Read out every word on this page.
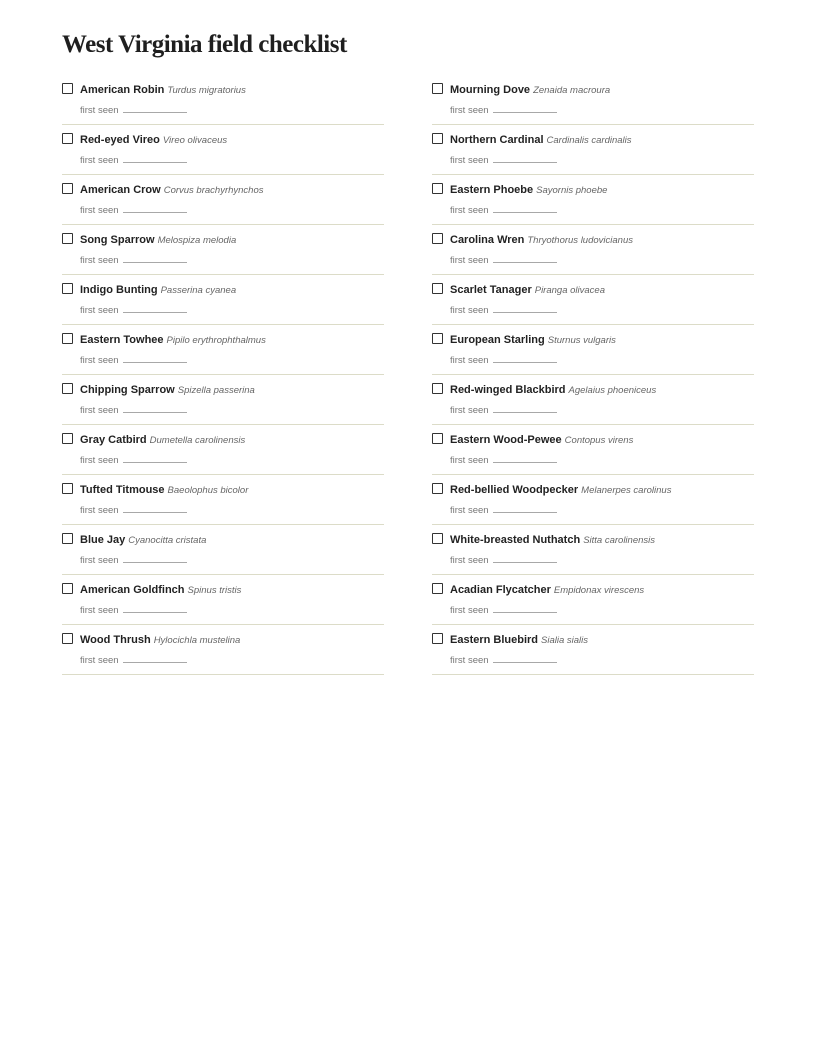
West Virginia field checklist
American Robin Turdus migratorius
first seen
Red-eyed Vireo Vireo olivaceus
first seen
American Crow Corvus brachyrhynchos
first seen
Song Sparrow Melospiza melodia
first seen
Indigo Bunting Passerina cyanea
first seen
Eastern Towhee Pipilo erythrophthalmus
first seen
Chipping Sparrow Spizella passerina
first seen
Gray Catbird Dumetella carolinensis
first seen
Tufted Titmouse Baeolophus bicolor
first seen
Blue Jay Cyanocitta cristata
first seen
American Goldfinch Spinus tristis
first seen
Wood Thrush Hylocichla mustelina
first seen
Mourning Dove Zenaida macroura
first seen
Northern Cardinal Cardinalis cardinalis
first seen
Eastern Phoebe Sayornis phoebe
first seen
Carolina Wren Thryothorus ludovicianus
first seen
Scarlet Tanager Piranga olivacea
first seen
European Starling Sturnus vulgaris
first seen
Red-winged Blackbird Agelaius phoeniceus
first seen
Eastern Wood-Pewee Contopus virens
first seen
Red-bellied Woodpecker Melanerpes carolinus
first seen
White-breasted Nuthatch Sitta carolinensis
first seen
Acadian Flycatcher Empidonax virescens
first seen
Eastern Bluebird Sialia sialis
first seen
